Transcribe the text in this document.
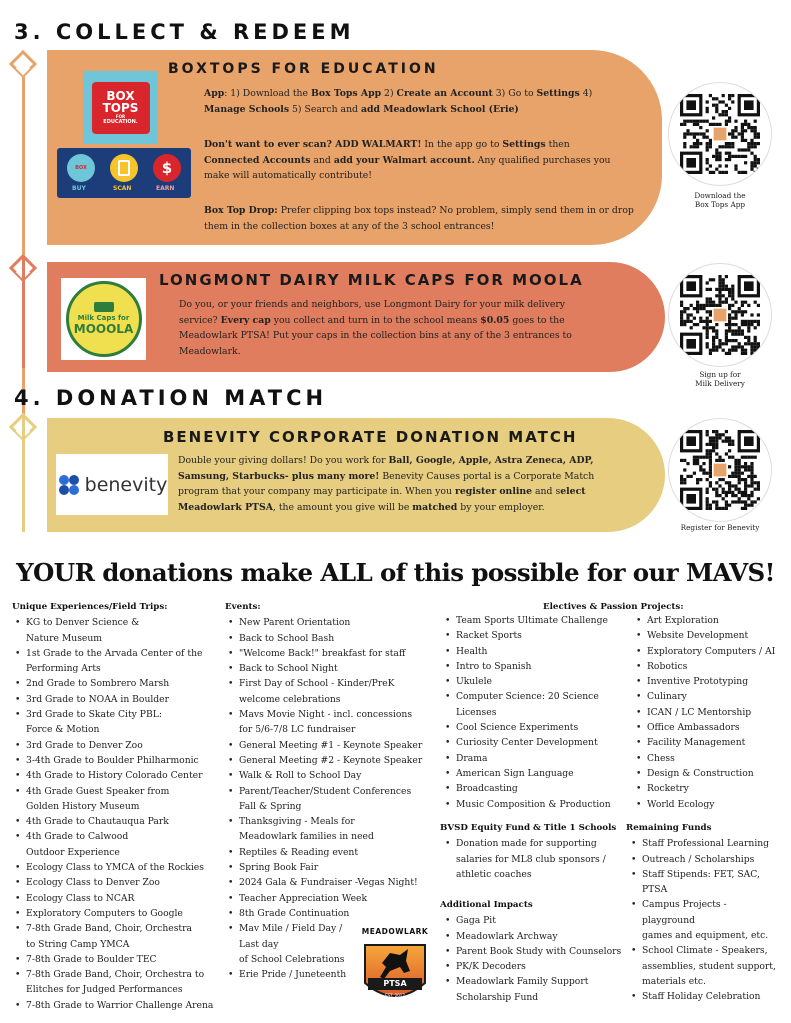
3. COLLECT & REDEEM
BOXTOPS FOR EDUCATION
BOX
TOPS
FOR
EDUCATION.
BOX	$
BUY	SCAN	EARN
App: 1) Download the Box Tops App 2) Create an Account 3) Go to Settings 4) Manage Schools 5) Search and add Meadowlark School (Erie)
Don't want to ever scan? ADD WALMART! In the app go to Settings then Connected Accounts and add your Walmart account. Any qualified purchases you make will automatically contribute!
Box Top Drop: Prefer clipping box tops instead? No problem, simply send them in or drop them in the collection boxes at any of the 3 school entrances!
Download the
Box Tops App
LONGMONT DAIRY MILK CAPS FOR MOOLA
Milk Caps for
MOOOLA
Do you, or your friends and neighbors, use Longmont Dairy for your milk delivery service? Every cap you collect and turn in to the school means $0.05 goes to the Meadowlark PTSA! Put your caps in the collection bins at any of the 3 entrances to Meadowlark.
Sign up for
Milk Delivery
4. DONATION MATCH
BENEVITY CORPORATE DONATION MATCH
benevity
Double your giving dollars! Do you work for Ball, Google, Apple, Astra Zeneca, ADP, Samsung, Starbucks- plus many more! Benevity Causes portal is a Corporate Match program that your company may participate in. When you register online and select Meadowlark PTSA, the amount you give will be matched by your employer.
Register for Benevity
YOUR donations make ALL of this possible for our MAVS!
Unique Experiences/Field Trips:
• KG to Denver Science &
Nature Museum
• 1st Grade to the Arvada Center of the
Performing Arts
• 2nd Grade to Sombrero Marsh
• 3rd Grade to NOAA in Boulder
• 3rd Grade to Skate City PBL:
Force & Motion
• 3rd Grade to Denver Zoo
• 3-4th Grade to Boulder Philharmonic
• 4th Grade to History Colorado Center
• 4th Grade Guest Speaker from
Golden History Museum
• 4th Grade to Chautauqua Park
• 4th Grade to Calwood
Outdoor Experience
• Ecology Class to YMCA of the Rockies
• Ecology Class to Denver Zoo
• Ecology Class to NCAR
• Exploratory Computers to Google
• 7-8th Grade Band, Choir, Orchestra
to String Camp YMCA
• 7-8th Grade to Boulder TEC
• 7-8th Grade Band, Choir, Orchestra to
Elitches for Judged Performances
• 7-8th Grade to Warrior Challenge Arena
Events:
• New Parent Orientation
• Back to School Bash
• "Welcome Back!" breakfast for staff
• Back to School Night
• First Day of School - Kinder/PreK
welcome celebrations
• Mavs Movie Night - incl. concessions
for 5/6-7/8 LC fundraiser
• General Meeting #1 - Keynote Speaker
• General Meeting #2 - Keynote Speaker
• Walk & Roll to School Day
• Parent/Teacher/Student Conferences
Fall & Spring
• Thanksgiving - Meals for
Meadowlark families in need
• Reptiles & Reading event
• Spring Book Fair
• 2024 Gala & Fundraiser -Vegas Night!
• Teacher Appreciation Week
• 8th Grade Continuation
• Mav Mile / Field Day /
Last day
of School Celebrations
• Erie Pride / Juneteenth
Electives & Passion Projects:
• Team Sports Ultimate Challenge
• Racket Sports
• Health
• Intro to Spanish
• Ukulele
• Computer Science: 20 Science
Licenses
• Cool Science Experiments
• Curiosity Center Development
• Drama
• American Sign Language
• Broadcasting
• Music Composition & Production
• Art Exploration
• Website Development
• Exploratory Computers / AI
• Robotics
• Inventive Prototyping
• Culinary
• ICAN / LC Mentorship
• Office Ambassadors
• Facility Management
• Chess
• Design & Construction
• Rocketry
• World Ecology
BVSD Equity Fund & Title 1 Schools
• Donation made for supporting
salaries for ML8 club sponsors /
athletic coaches
Additional Impacts
• Gaga Pit
• Meadowlark Archway
• Parent Book Study with Counselors
• PK/K Decoders
• Meadowlark Family Support
Scholarship Fund
Remaining Funds
• Staff Professional Learning
• Outreach / Scholarships
• Staff Stipends: FET, SAC,
PTSA
• Campus Projects -
playground
games and equipment, etc.
• School Climate - Speakers,
assemblies, student support,
materials etc.
• Staff Holiday Celebration
MEADOWLARK
PTSA
EST. 2017
